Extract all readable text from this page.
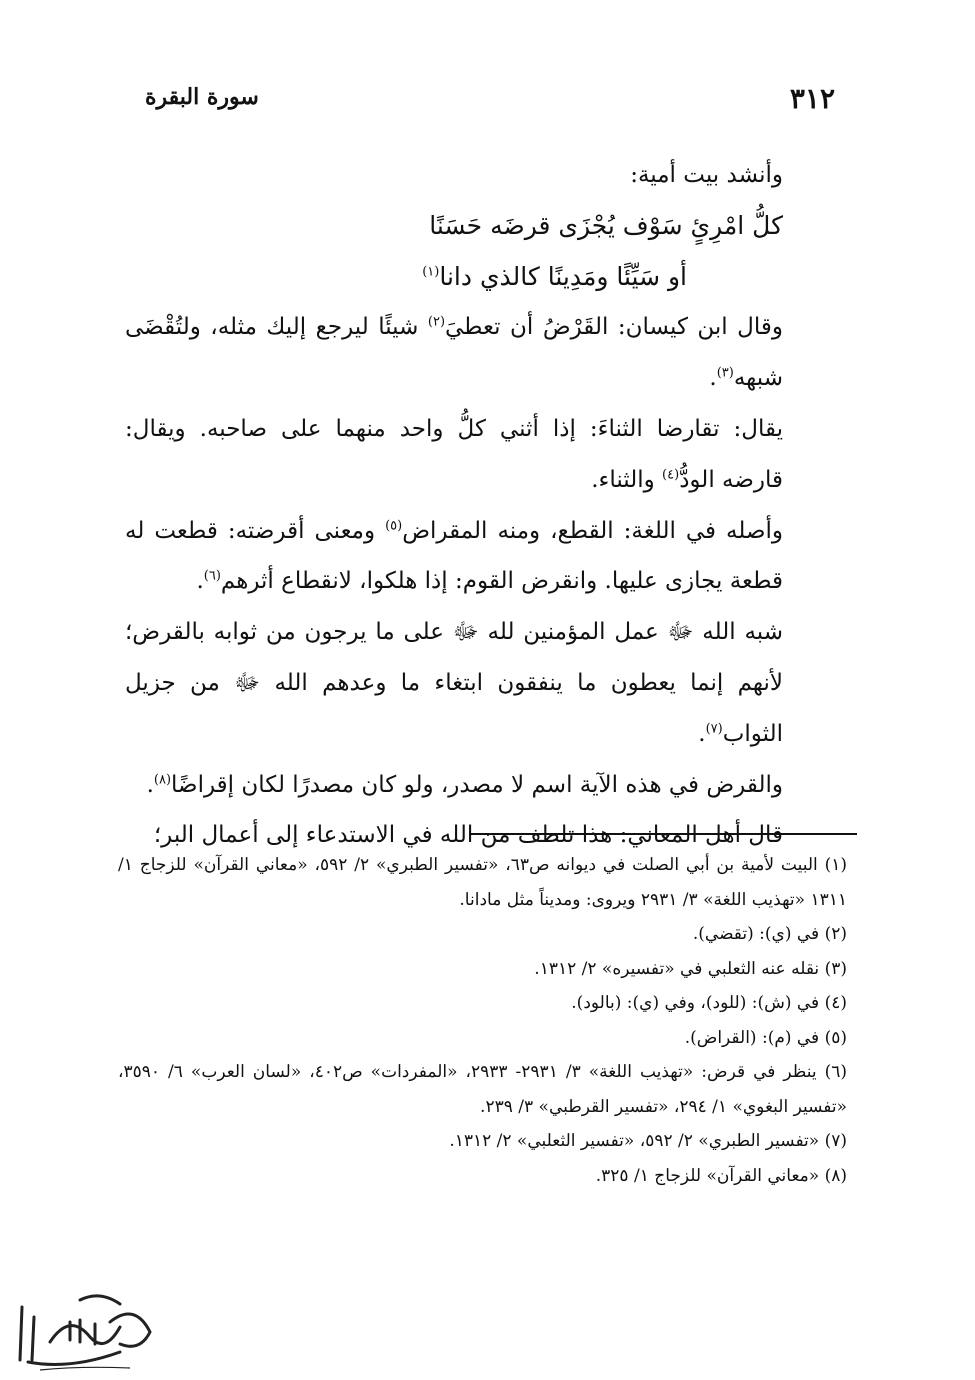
٣١٢
سورة البقرة

وأنشد بيت أمية:

كلُّ امْرِئٍ سَوْف يُجْزَى قرضَه حَسَنًا

أو سَيِّئًا ومَدِينًا كالذي دانا$^{(١)}$

وقال ابن كيسان: القَرْضُ أن تعطيَ$^{(٢)}$ شيئًا ليرجع إليك مثله، ولتُقْضَى شبهه$^{(٣)}$.

يقال: تقارضا الثناءَ: إذا أثني كلُّ واحد منهما على صاحبه. ويقال: قارضه الودُّ$^{(٤)}$ والثناء.

وأصله في اللغة: القطع، ومنه المقراض$^{(٥)}$ ومعنى أقرضته: قطعت له قطعة يجازى عليها. وانقرض القوم: إذا هلكوا، لانقطاع أثرهم$^{(٦)}$.

شبه الله ﷻ عمل المؤمنين لله ﷻ على ما يرجون من ثوابه بالقرض؛ لأنهم إنما يعطون ما ينفقون ابتغاء ما وعدهم الله ﷻ من جزيل الثواب$^{(٧)}$.

والقرض في هذه الآية اسم لا مصدر، ولو كان مصدرًا لكان إقراضًا$^{(٨)}$.

قال أهل المعاني: هذا تلطف من الله في الاستدعاء إلى أعمال البر؛

(١) البيت لأمية بن أبي الصلت في ديوانه ص٦٣، «تفسير الطبري» ٢/ ٥٩٢، «معاني القرآن» للزجاج ١/ ١٣١١ «تهذيب اللغة» ٣/ ٢٩٣١ ويروى: ومديناً مثل مادانا.

(٢) في (ي): (تقضي).

(٣) نقله عنه الثعلبي في «تفسيره» ٢/ ١٣١٢.

(٤) في (ش): (للود)، وفي (ي): (بالود).

(٥) في (م): (القراض).

(٦) ينظر في قرض: «تهذيب اللغة» ٣/ ٢٩٣١- ٢٩٣٣، «المفردات» ص٤٠٢، «لسان العرب» ٦/ ٣٥٩٠، «تفسير البغوي» ١/ ٢٩٤، «تفسير القرطبي» ٣/ ٢٣٩.

(٧) «تفسير الطبري» ٢/ ٥٩٢، «تفسير الثعلبي» ٢/ ١٣١٢.

(٨) «معاني القرآن» للزجاج ١/ ٣٢٥.
